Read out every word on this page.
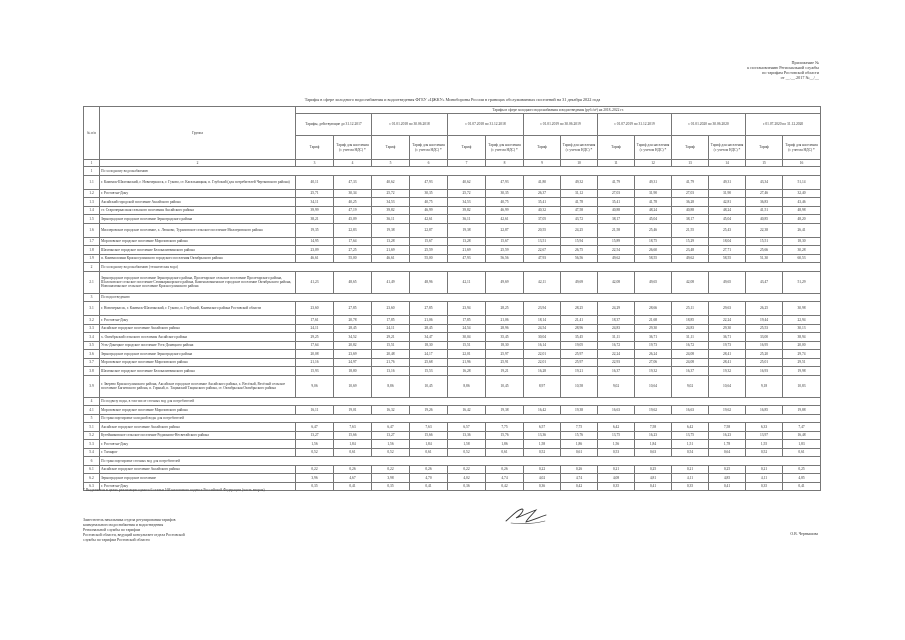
Приложение №
к постановлению Региональной службы
по тарифам Ростовской области
от __.__.2017 №__/__
Тарифы в сфере холодного водоснабжения и водоотведения ФГБУ «ЦЖКУ» Минобороны России в границах обслуживаемых поселений на 31 декабря 2022 года
№ п/п	Группа	Тарифы в сфере холодного водоснабжения и водоотведения (руб./м³) на 2018–2022 гг.													
		Тарифы, действующие до 31.12.2017		с 01.01.2018 по 30.06.2018		с 01.07.2018 по 31.12.2018		с 01.01.2019 по 30.06.2019		с 01.07.2019 по 31.12.2019		с 01.01.2020 по 30.06.2020		с 01.07.2020 по 31.12.2020	
		Тариф	Тариф для населения (с учетом НДС) *	Тариф	Тариф для населения (с учетом НДС) *	Тариф	Тариф для населения (с учетом НДС) *	Тариф	Тариф для населения (с учетом НДС) *	Тариф	Тариф для населения (с учетом НДС) *	Тариф	Тариф для населения (с учетом НДС) *	Тариф	Тариф для населения (с учетом НДС) *
1	2	3	4	5	6	7	8	9	10	11	12	13	14	15	16
1	По холодному водоснабжению														
1.1	г. Каменск-Шахтинский, г. Новочеркасск, г. Гуково, ст. Кагальницкая, п. Глубокий (для потребителей Чертковского района)	40,11	47,33	40,62	47,93	40,62	47,93	41,80	49,32	41,79	49,31	41,79	49,31	43,34	51,14
1.2	г. Ростов-на-Дону	25,71	30,34	25,72	30,35	25,72	30,35	26,37	31,12	27,03	31,90	27,03	31,90	27,46	32,40
1.3	Аксайский городской поселение Аксайского района	34,11	40,25	34,53	40,75	34,53	40,75	35,41	41,78	35,41	41,78	36,28	42,81	36,83	43,46
1.4	ст. Старочеркасская сельского поселения Аксайского района	39,99	47,19	39,82	46,99	39,82	46,99	40,32	47,58	40,88	48,24	40,88	48,24	41,51	48,98
1.5	Зерноградское городское поселение Зерноградского района	38,21	45,09	36,11	42,61	36,11	42,61	37,05	43,72	38,17	45,04	38,17	45,04	40,85	48,20
1.6	Миллеровское городское поселение, х. Леоново, Туриловское сельское поселение Миллеровского района	19,35	22,83	19,38	22,87	19,38	22,87	20,55	24,25	21,58	25,46	21,55	25,43	22,38	26,41
1.7	Морозовское городское поселение Морозовского района	14,95	17,64	13,28	15,67	13,28	15,67	13,51	15,94	15,89	18,75	15,29	18,04	15,51	18,30
1.8	Шахтинское городское поселение Белокалитвинского района	23,09	27,25	21,69	25,59	21,69	25,59	22,67	26,75	22,54	26,60	23,48	27,71	25,66	30,28
1.9	п. Каменоломни Красносулинского городского поселения Октябрьского района	46,61	55,00	46,61	55,00	47,93	56,56	47,93	56,56	49,62	58,55	49,62	58,55	51,30	60,53
2	По холодному водоснабжению (техническая вода)														
2.1	Зерноградское городское поселение Зерноградского района, Пролетарское сельское поселение Пролетарского района, Шолоховское сельское поселение Семикаракорского района, Каменоломненское городское поселение Октябрьского района, Новошахтинское сельское поселение Красносулинского района	41,23	48,65	41,49	48,96	42,11	49,69	42,11	49,69	42,08	49,65	42,08	49,65	43,47	51,29
3	По водоотведению														
3.1	г. Новочеркасск, г. Каменск-Шахтинский, г. Гуково, п. Глубокий, Каменского района Ростовской области	23,60	27,85	23,60	27,85	23,94	28,25	23,94	28,25	24,29	28,66	25,11	29,63	26,25	30,98
3.2	г. Ростов-на-Дону	17,61	20,78	17,85	21,06	17,85	21,06	18,14	21,41	18,37	21,68	18,85	22,24	19,44	22,94
3.3	Аксайское городское поселение Аксайского района	24,11	28,45	24,11	28,45	24,54	28,96	24,54	28,96	24,83	29,30	24,83	29,30	25,53	30,13
3.4	х. Октябрьский сельского поселения Аксайского района	29,25	34,52	29,21	34,47	30,04	35,45	30,04	35,45	31,11	36,71	31,11	36,71	33,00	38,94
3.5	Усть-Донецкое городское поселение Усть-Донецкого района	17,64	20,82	15,51	18,30	15,51	18,30	16,14	19,05	16,72	19,73	16,72	19,73	16,95	20,00
3.6	Зерноградское городское поселение Зерноградского района	20,08	23,69	20,48	24,17	22,01	25,97	22,01	25,97	22,24	26,24	24,08	28,41	25,20	29,74
3.7	Морозовское городское поселение Морозовского района	21,16	24,97	21,76	25,68	21,96	25,91	22,01	25,97	22,93	27,06	24,08	28,41	25,01	29,51
3.8	Шахтинское городское поселение Белокалитвинского района	15,93	18,80	13,16	15,53	16,28	19,21	16,28	19,21	16,37	19,32	16,37	19,32	16,93	19,98
3.9	г. Зверево Красносулинского района, Аксайское городское поселение Аксайского района, х. Весёлый, Весёлый сельское поселение Багаевского района, п. Горный, п. Тацинский Тацинского района, ст. Октябрьская Октябрьского района	9,06	10,69	8,86	10,45	8,86	10,45	8,97	10,58	9,02	10,64	9,02	10,64	9,18	10,83
4	По подвозу воды, в том числе сточных вод для потребителей														
4.1	Морозовское городское поселение Морозовского района	16,11	19,01	16,32	19,26	16,42	19,38	16,42	19,38	16,63	19,62	16,63	19,62	16,85	19,88
5	По транспортировке холодной воды для потребителей														
5.1	Аксайское городское поселение Аксайского района	6,47	7,63	6,47	7,63	6,57	7,75	6,57	7,75	6,42	7,58	6,42	7,58	6,33	7,47
5.2	Кутейниковское сельское поселение Родионово-Несветайского района	13,27	15,66	13,27	15,66	13,36	15,76	13,36	15,76	13,75	16,23	13,75	16,23	13,97	16,48
5.3	г. Ростов-на-Дону	1,56	1,84	1,56	1,84	1,58	1,86	1,58	1,86	1,56	1,84	1,51	1,78	1,55	1,83
5.4	г. Таганрог	0,52	0,61	0,52	0,61	0,52	0,61	0,52	0,61	0,53	0,63	0,54	0,64	0,52	0,61
6	По транспортировке сточных вод для потребителей														
6.1	Аксайское городское поселение Аксайского района	0,22	0,26	0,22	0,26	0,22	0,26	0,22	0,26	0,21	0,25	0,21	0,25	0,21	0,25
6.2	Зерноградское городское поселение	3,96	4,67	3,98	4,70	4,02	4,74	4,02	4,74	4,08	4,81	4,11	4,85	4,11	4,85
6.3	г. Ростов-на-Дону	0,35	0,41	0,35	0,41	0,36	0,42	0,36	0,42	0,35	0,41	0,35	0,41	0,35	0,41
* Выделяется в целях реализации пункта 6 статьи 168 налогового кодекса Российской Федерации (часть вторая)
Заместитель начальника отдела регулирования тарифов
коммунального водоснабжения и водоотведения
Региональной службы по тарифам
Ростовской области, ведущий консультант отдела Ростовской
службы по тарифам Ростовской области
О.В. Чернышова
